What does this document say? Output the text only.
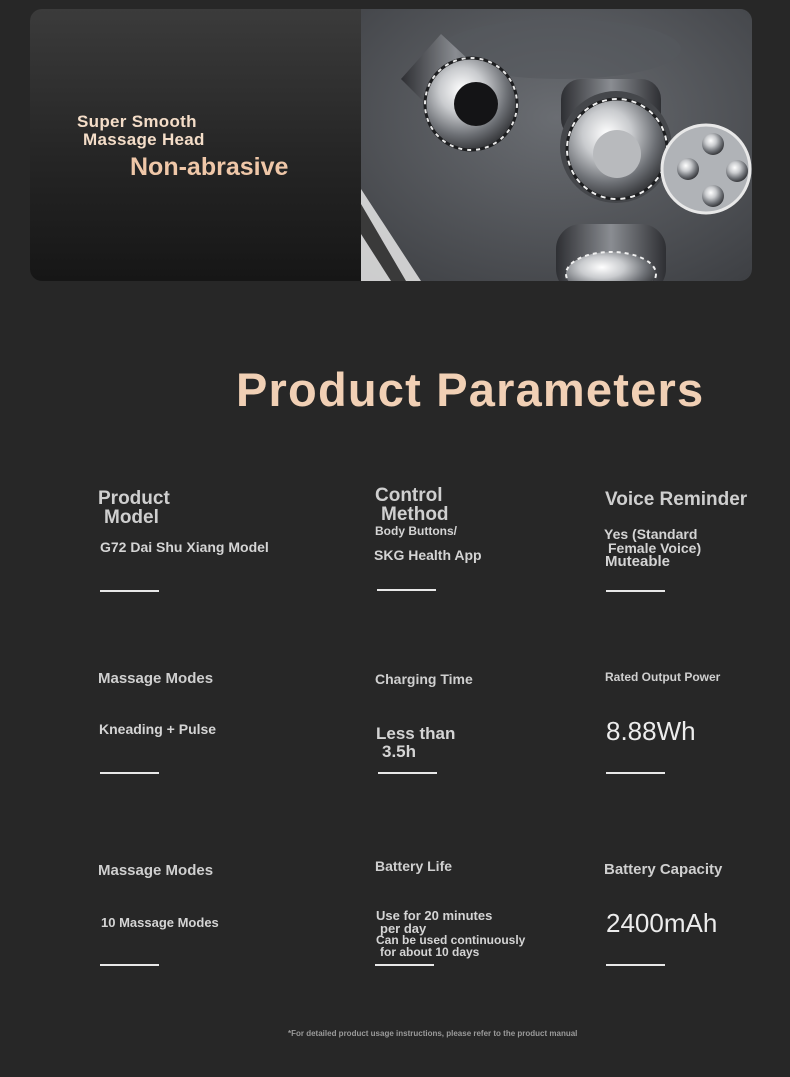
Super Smooth
Massage Head
Non-abrasive
Product Parameters
Product
Model
G72 Dai Shu Xiang Model
Control
Method
Body Buttons/
SKG Health App
Voice Reminder
Yes (Standard
Female Voice)
Muteable
Massage Modes
Kneading + Pulse
Charging Time
Less than
3.5h
Rated Output Power
8.88Wh
Massage Modes
10 Massage Modes
Battery Life
Use for 20 minutes
per day
Can be used continuously
for about 10 days
Battery Capacity
2400mAh
*For detailed product usage instructions, please refer to the product manual
